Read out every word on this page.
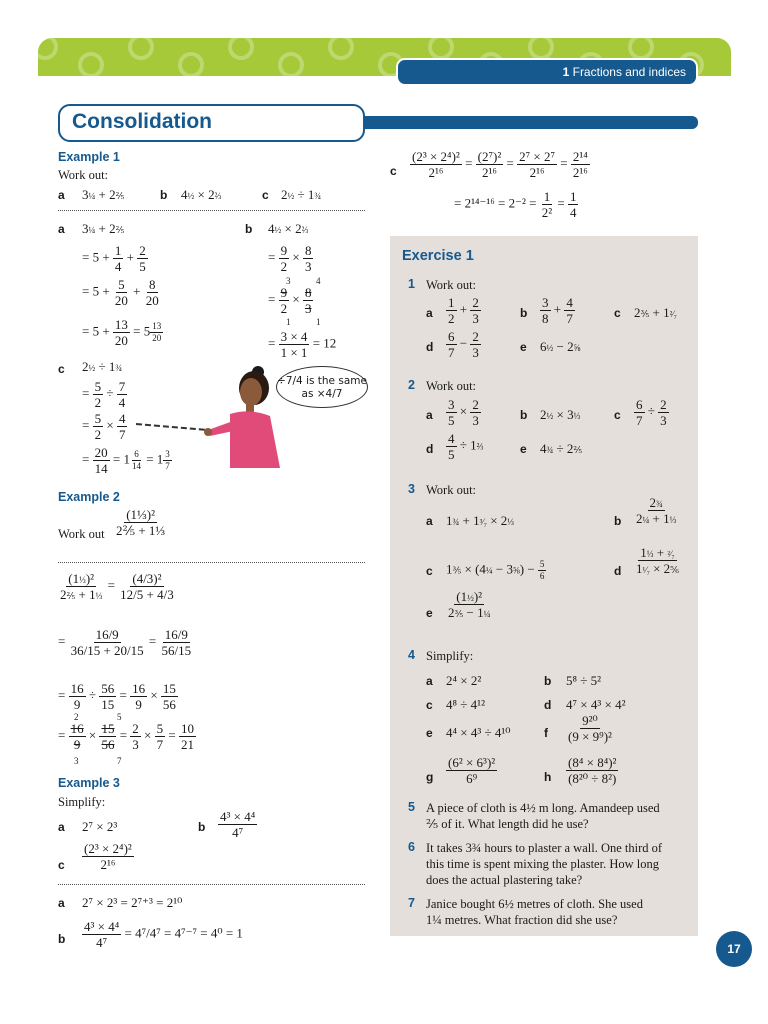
1 Fractions and indices
Consolidation
Example 1
Work out:
a 3¼ + 2⅖	b 4½ × 2⅔	c 2½ ÷ 1¾
a 3¼ + 2⅖
= $5 + \frac{1}{4} + \frac{2}{5}$
= $5 + \frac{5}{20} + \frac{8}{20}$
= $5 + \frac{13}{20} = 5 \frac{13}{20}$
b 4½ × 2⅔
= $\frac{9}{2} \times \frac{8}{3}$
3	4
= $\frac{9}{2} \times \frac{8}{3}$
1	1
= $\frac{3 \times 4}{1 \times 1} = 12$
c 2½ ÷ 1¾
= $\frac{5}{2} \div \frac{7}{4}$
= $\frac{5}{2} \times \frac{4}{7}$
= $\frac{20}{14} = 1 \frac{6}{14} = 1 \frac{3}{7}$
÷7/4 is the same as ×4/7
Example 2
Work out $\frac{\text{(1⅓)²}}{\text{2⅖ + 1⅓}}$
$\frac{\text{(1⅓)²}}{\text{2⅖ + 1⅓}} = \frac{\text{(4/3)²}}{12/5 + 4/3}$
= $\frac{16/9}{36/15 + 20/15} = \frac{16/9}{56/15}$
= $\frac{16}{9} \div \frac{56}{15} = \frac{16}{9} \times \frac{15}{56}$
2	5
= $\frac{16}{9} \times \frac{15}{56} = \frac{2}{3} \times \frac{5}{7} = \frac{10}{21}$
3	7
Example 3
Simplify:
a 2⁷ × 2³	b $\frac{\text{4³ × 4⁴}}{\text{4⁷}}$
c $\frac{\text{(2³ × 2⁴)²}}{\text{2¹⁶}}$
a 2⁷ × 2³ = 2⁷⁺³ = 2¹⁰
b $\frac{\text{4³ × 4⁴}}{\text{4⁷}} = 4^7/4^7 = 4^{7-7} = 4^0 = 1$
c $\frac{\text{(2³ × 2⁴)²}}{\text{2¹⁶}} = \frac{\text{(2⁷)²}}{\text{2¹⁶}} = \frac{\text{2⁷ × 2⁷}}{\text{2¹⁶}} = \frac{\text{2¹⁴}}{\text{2¹⁶}}$
= $2^{14-16} = 2^{-2} = \frac{1}{\text{2²}} = \frac{1}{4}$
Exercise 1
1 Work out:
a $\frac{1}{2} + \frac{2}{3}$	b $\frac{3}{8} + \frac{4}{7}$	c 2⅗ + 1²⁄₇
d $\frac{6}{7} - \frac{2}{3}$	e 6½ − 2⅝
2 Work out:
a $\frac{3}{5} \times \frac{2}{3}$	b 2½ × 3⅓	c $\frac{6}{7} \div \frac{2}{3}$
d $\frac{4}{5}$ ÷ 1⅔	e 4¾ ÷ 2⅖
3 Work out:
a 1¾ + 1³⁄₇ × 2⅓	b $\frac{\text{2¾}}{\text{2¼ + 1⅓}}$
c 1⅗ × (4¼ − 3⅝) − $\frac{5}{6}$	d $\frac{\text{1⅓ + ²⁄₇}}{\text{1¹⁄₇ × 2⅚}}$
e $\frac{\text{(1½)²}}{\text{2⅗ − 1¼}}$
4 Simplify:
a 2⁴ × 2²	b 5⁸ ÷ 5²
c 4⁸ ÷ 4¹²	d 4⁷ × 4³ × 4²
e 4⁴ × 4³ ÷ 4¹⁰	f $\frac{\text{9²⁰}}{\text{(9 × 9⁹)²}}$
g $\frac{\text{(6² × 6³)²}}{\text{6⁹}}$	h $\frac{\text{(8⁴ × 8⁴)²}}{\text{(8²⁰ ÷ 8²)}}$
5 A piece of cloth is 4½ m long. Amandeep used
⅖ of it. What length did he use?
6 It takes 3¾ hours to plaster a wall. One third of
this time is spent mixing the plaster. How long
does the actual plastering take?
7 Janice bought 6½ metres of cloth. She used
1¼ metres. What fraction did she use?
17
